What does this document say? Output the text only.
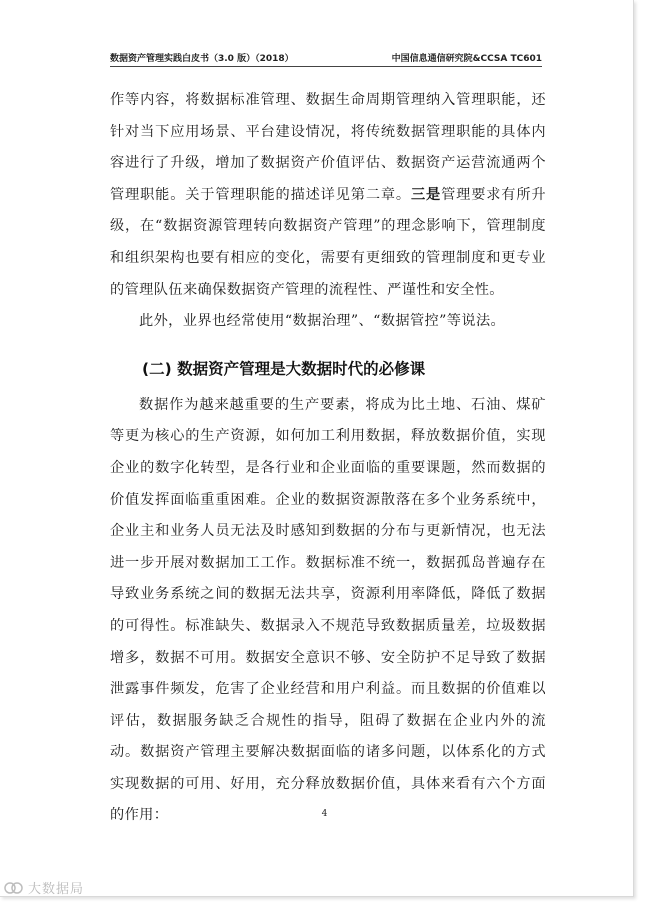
数据资产管理实践白皮书（3.0 版）（2018）	中国信息通信研究院&CCSA TC601

作等内容，将数据标准管理、数据生命周期管理纳入管理职能，还针对当下应用场景、平台建设情况，将传统数据管理职能的具体内容进行了升级，增加了数据资产价值评估、数据资产运营流通两个管理职能。关于管理职能的描述详见第二章。三是管理要求有所升级，在“数据资源管理转向数据资产管理”的理念影响下，管理制度和组织架构也要有相应的变化，需要有更细致的管理制度和更专业的管理队伍来确保数据资产管理的流程性、严谨性和安全性。

此外，业界也经常使用“数据治理”、“数据管控”等说法。

(二) 数据资产管理是大数据时代的必修课

数据作为越来越重要的生产要素，将成为比土地、石油、煤矿等更为核心的生产资源，如何加工利用数据，释放数据价值，实现企业的数字化转型，是各行业和企业面临的重要课题，然而数据的价值发挥面临重重困难。企业的数据资源散落在多个业务系统中，企业主和业务人员无法及时感知到数据的分布与更新情况，也无法进一步开展对数据加工工作。数据标准不统一，数据孤岛普遍存在导致业务系统之间的数据无法共享，资源利用率降低，降低了数据的可得性。标准缺失、数据录入不规范导致数据质量差，垃圾数据增多，数据不可用。数据安全意识不够、安全防护不足导致了数据泄露事件频发，危害了企业经营和用户利益。而且数据的价值难以评估，数据服务缺乏合规性的指导，阻碍了数据在企业内外的流动。数据资产管理主要解决数据面临的诸多问题，以体系化的方式实现数据的可用、好用，充分释放数据价值，具体来看有六个方面的作用：	4
大数据局
